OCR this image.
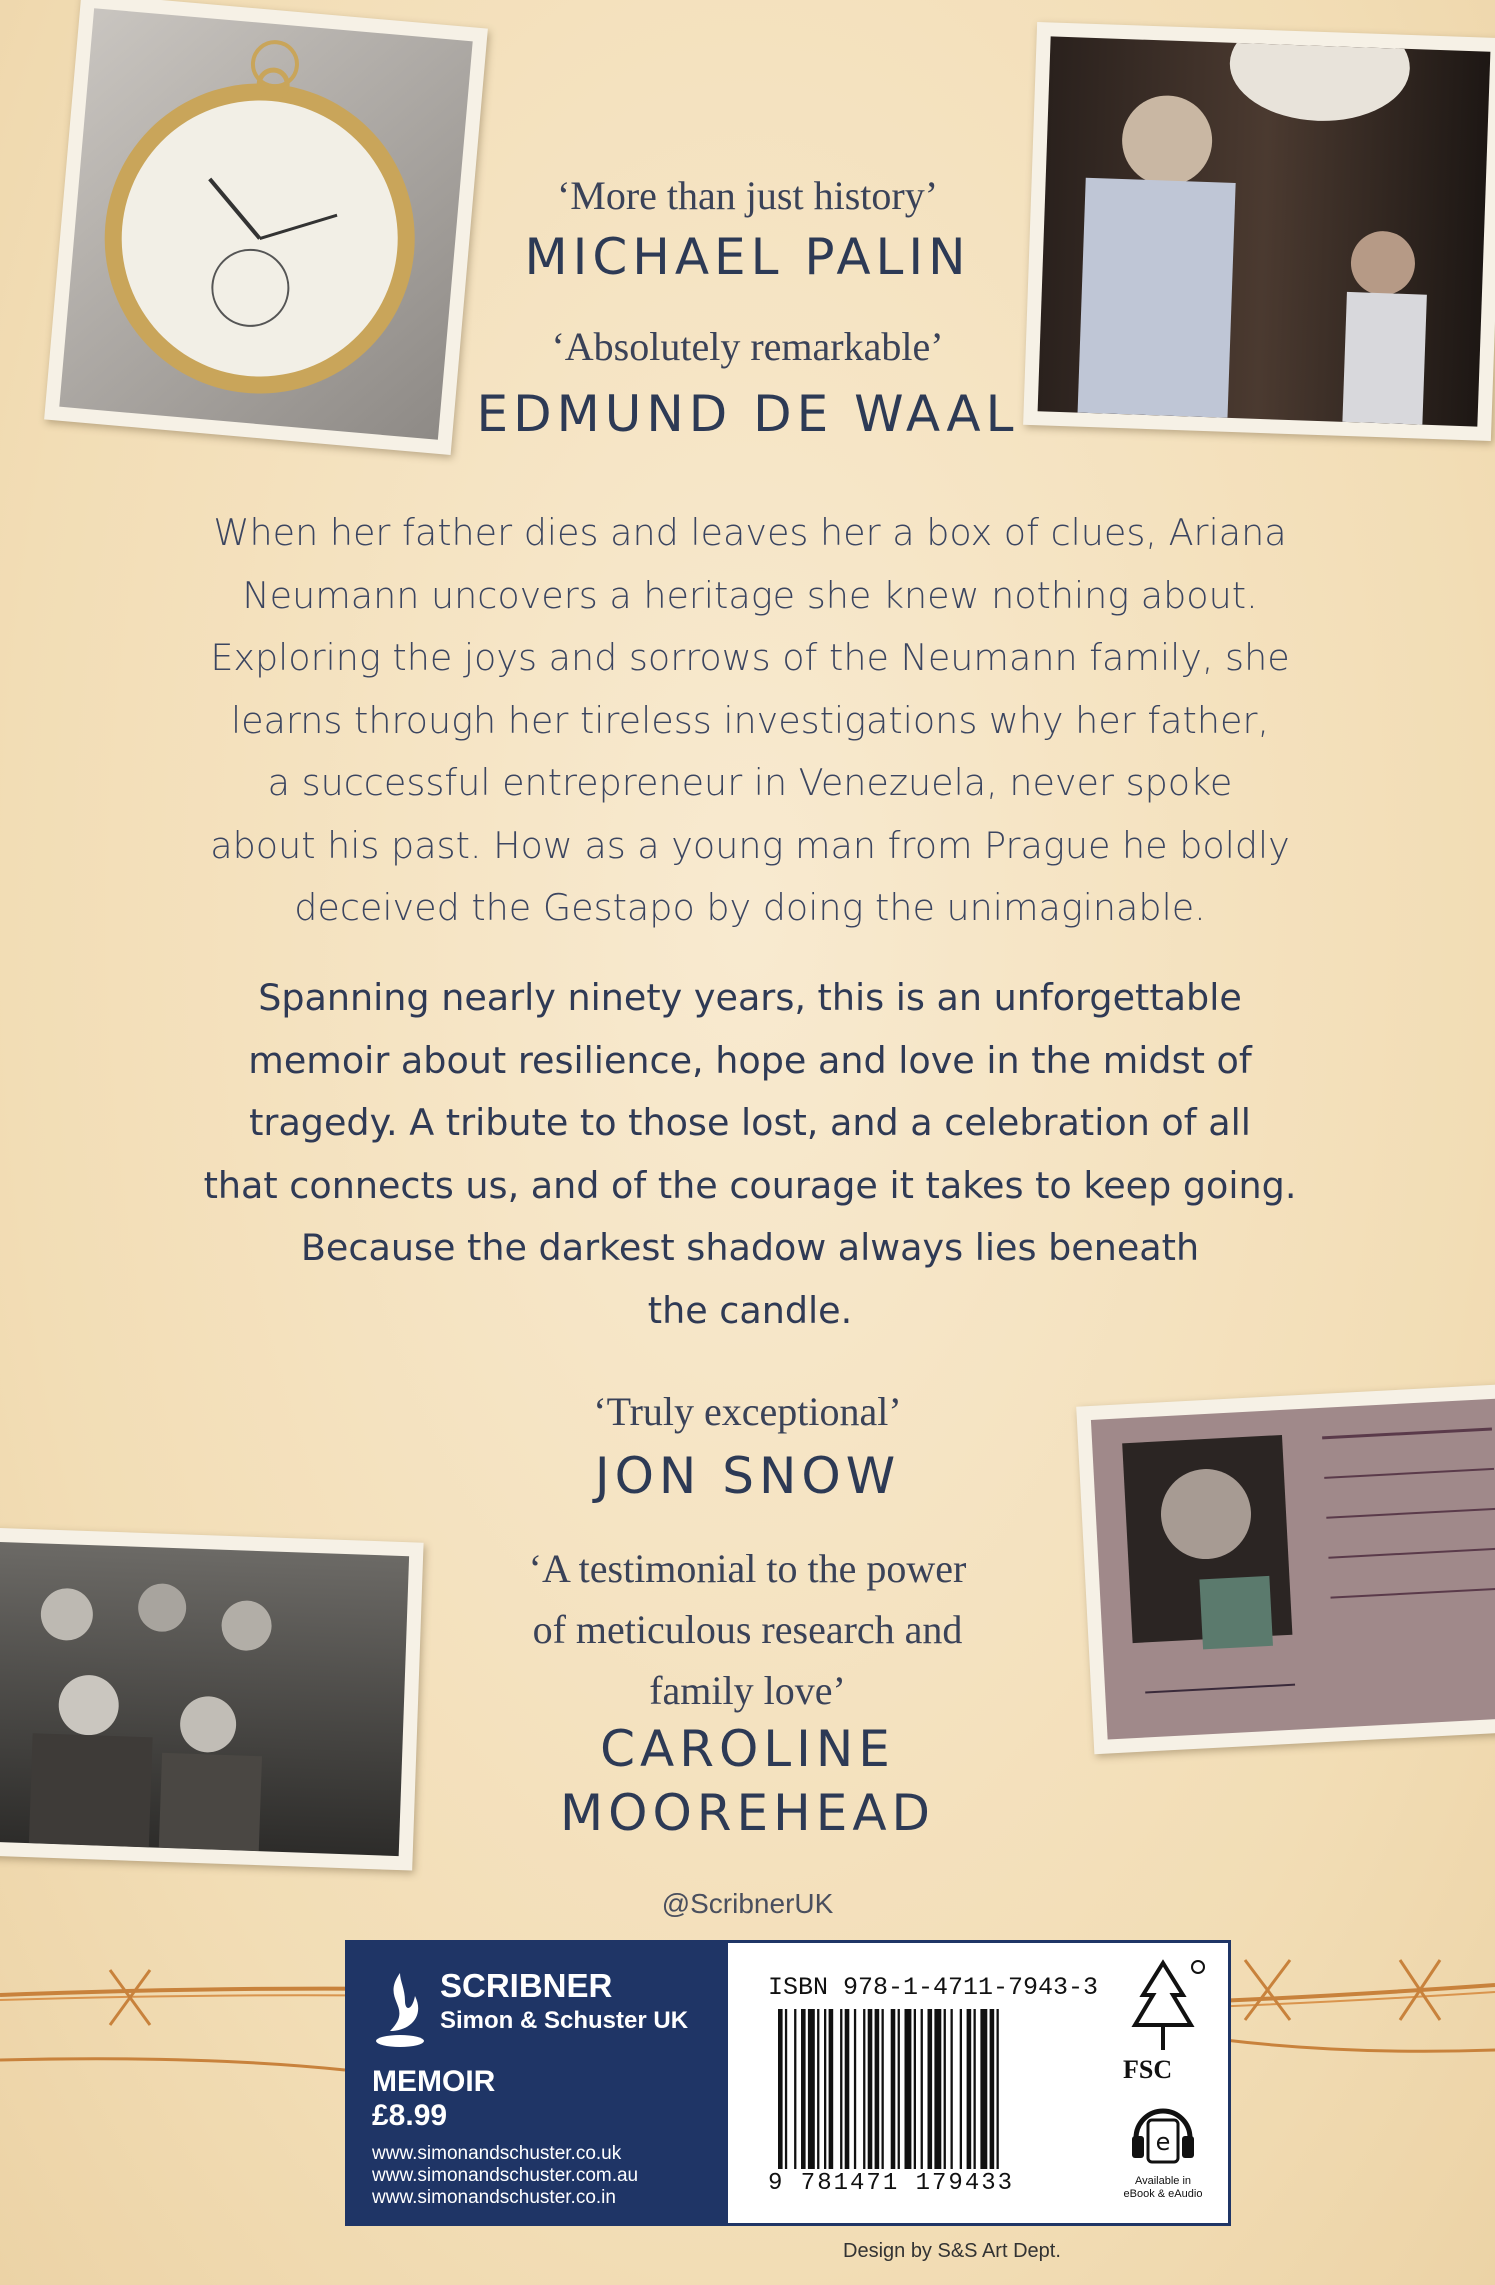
‘More than just history’
MICHAEL PALIN
‘Absolutely remarkable’
EDMUND DE WAAL
When her father dies and leaves her a box of clues, Ariana
Neumann uncovers a heritage she knew nothing about.
Exploring the joys and sorrows of the Neumann family, she
learns through her tireless investigations why her father,
a successful entrepreneur in Venezuela, never spoke
about his past. How as a young man from Prague he boldly
deceived the Gestapo by doing the unimaginable.
Spanning nearly ninety years, this is an unforgettable
memoir about resilience, hope and love in the midst of
tragedy. A tribute to those lost, and a celebration of all
that connects us, and of the courage it takes to keep going.
Because the darkest shadow always lies beneath
the candle.
‘Truly exceptional’
JON SNOW
‘A testimonial to the power
of meticulous research and
family love’
CAROLINE
MOOREHEAD
@ScribnerUK
SCRIBNER
Simon & Schuster UK
MEMOIR
£8.99
www.simonandschuster.co.uk
www.simonandschuster.com.au
www.simonandschuster.co.in
ISBN 978-1-4711-7943-3
9 781471 179433
FSC
e
Available in
eBook & eAudio
Design by S&S Art Dept.
